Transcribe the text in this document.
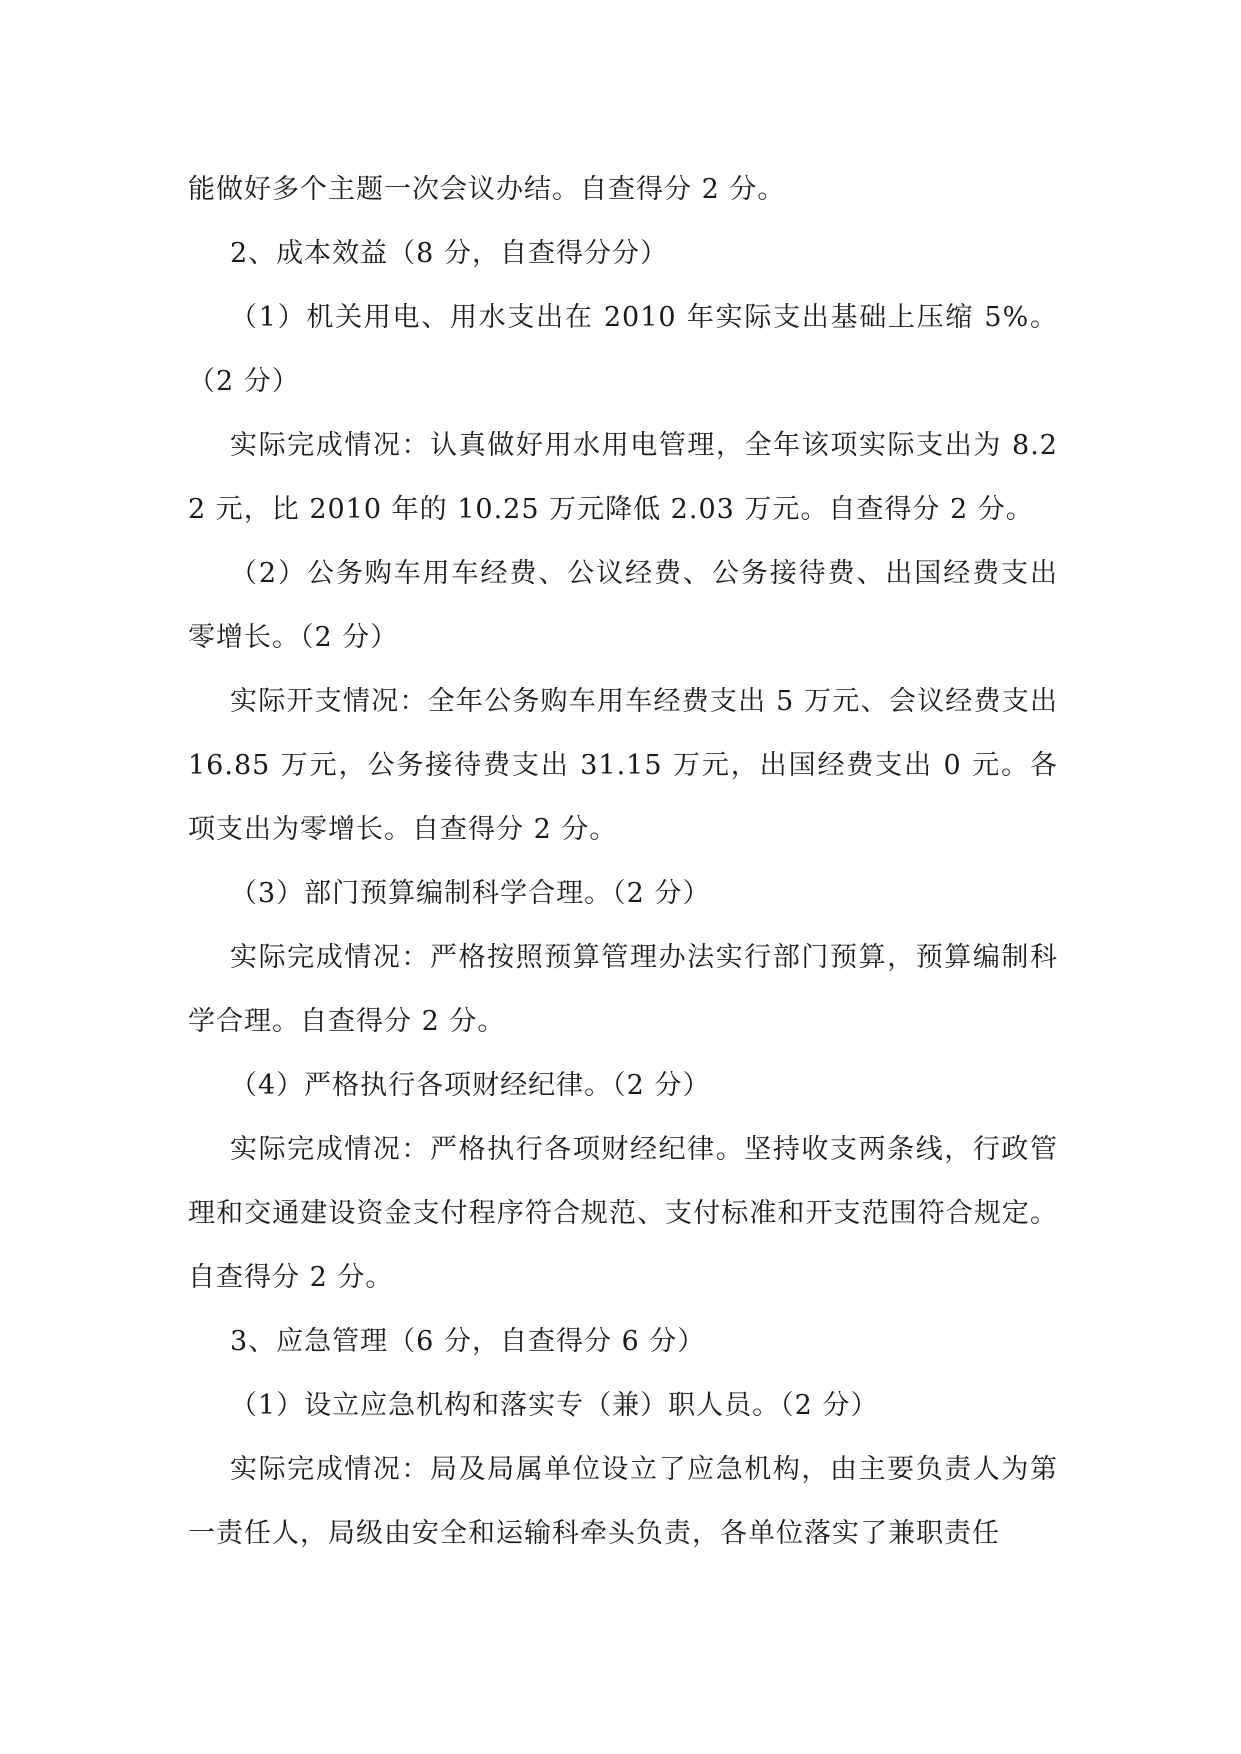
能做好多个主题一次会议办结。自查得分 2 分。

2、成本效益（8 分，自查得分分）

（1）机关用电、用水支出在 2010 年实际支出基础上压缩 5%。（2 分）

实际完成情况：认真做好用水用电管理，全年该项实际支出为 8.22 元，比 2010 年的 10.25 万元降低 2.03 万元。自查得分 2 分。

（2）公务购车用车经费、公议经费、公务接待费、出国经费支出零增长。（2 分）

实际开支情况：全年公务购车用车经费支出 5 万元、会议经费支出 16.85 万元，公务接待费支出 31.15 万元，出国经费支出 0 元。各项支出为零增长。自查得分 2 分。

（3）部门预算编制科学合理。（2 分）

实际完成情况：严格按照预算管理办法实行部门预算，预算编制科学合理。自查得分 2 分。

（4）严格执行各项财经纪律。（2 分）

实际完成情况：严格执行各项财经纪律。坚持收支两条线，行政管理和交通建设资金支付程序符合规范、支付标准和开支范围符合规定。自查得分 2 分。

3、应急管理（6 分，自查得分 6 分）

（1）设立应急机构和落实专（兼）职人员。（2 分）

实际完成情况：局及局属单位设立了应急机构，由主要负责人为第一责任人，局级由安全和运输科牵头负责，各单位落实了兼职责任
